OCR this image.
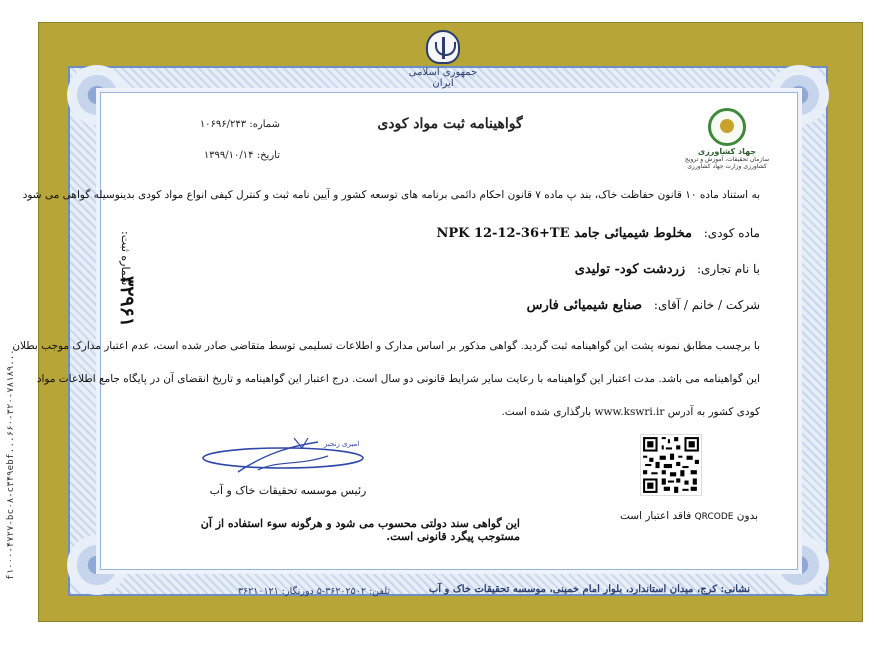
f۱۰۰۰-۴۷۲۷-bc۰۸-c۳۴۹ebf...۶۶۰-۳۲۰-۷۸۱۸۹...
جمهوری اسلامی ایران
گواهینامه ثبت مواد کودی
شماره: ۱۰۶۹۶/۲۴۳
تاریخ: ۱۳۹۹/۱۰/۱۴	جهاد کشاورزی
سازمان تحقیقات، آموزش و ترویج کشاورزی وزارت جهاد کشاورزی
به استناد ماده ۱۰ قانون حفاظت خاک، بند پ ماده ۷ قانون احکام دائمی برنامه های توسعه کشور و آیین نامه ثبت و کنترل کیفی انواع مواد کودی بدینوسیله گواهی می شود
ماده کودی: مخلوط شیمیائی جامد NPK 12-12-36+TE
با نام تجاری: زردشت کود- تولیدی
شرکت / خانم / آقای: صنایع شیمیائی فارس
شماره ثبت:
۳۲۹۶۱
با برچسب مطابق نمونه پشت این گواهینامه ثبت گردید. گواهی مذکور بر اساس مدارک و اطلاعات تسلیمی توسط متقاضی صادر شده است، عدم اعتبار مدارک موجب بطلان
این گواهینامه می باشد. مدت اعتبار این گواهینامه با رعایت سایر شرایط قانونی دو سال است. درج اعتبار این گواهینامه و تاریخ انقضای آن در پایگاه جامع اطلاعات مواد
کودی کشور به آدرس www.kswri.ir بارگذاری شده است.
امیری رنجبر
رئیس موسسه تحقیقات خاک و آب
این گواهی سند دولتی محسوب می شود و هرگونه سوء استفاده از آن مستوجب پیگرد قانونی است.
بدون QRCODE فاقد اعتبار است
نشانی: کرج، میدان استاندارد، بلوار امام خمینی، موسسه تحقیقات خاک و آب
تلفن: ۳۶۲۰۲۵۰۲-۵ دورنگار: ۳۶۲۱۰۱۲۱
